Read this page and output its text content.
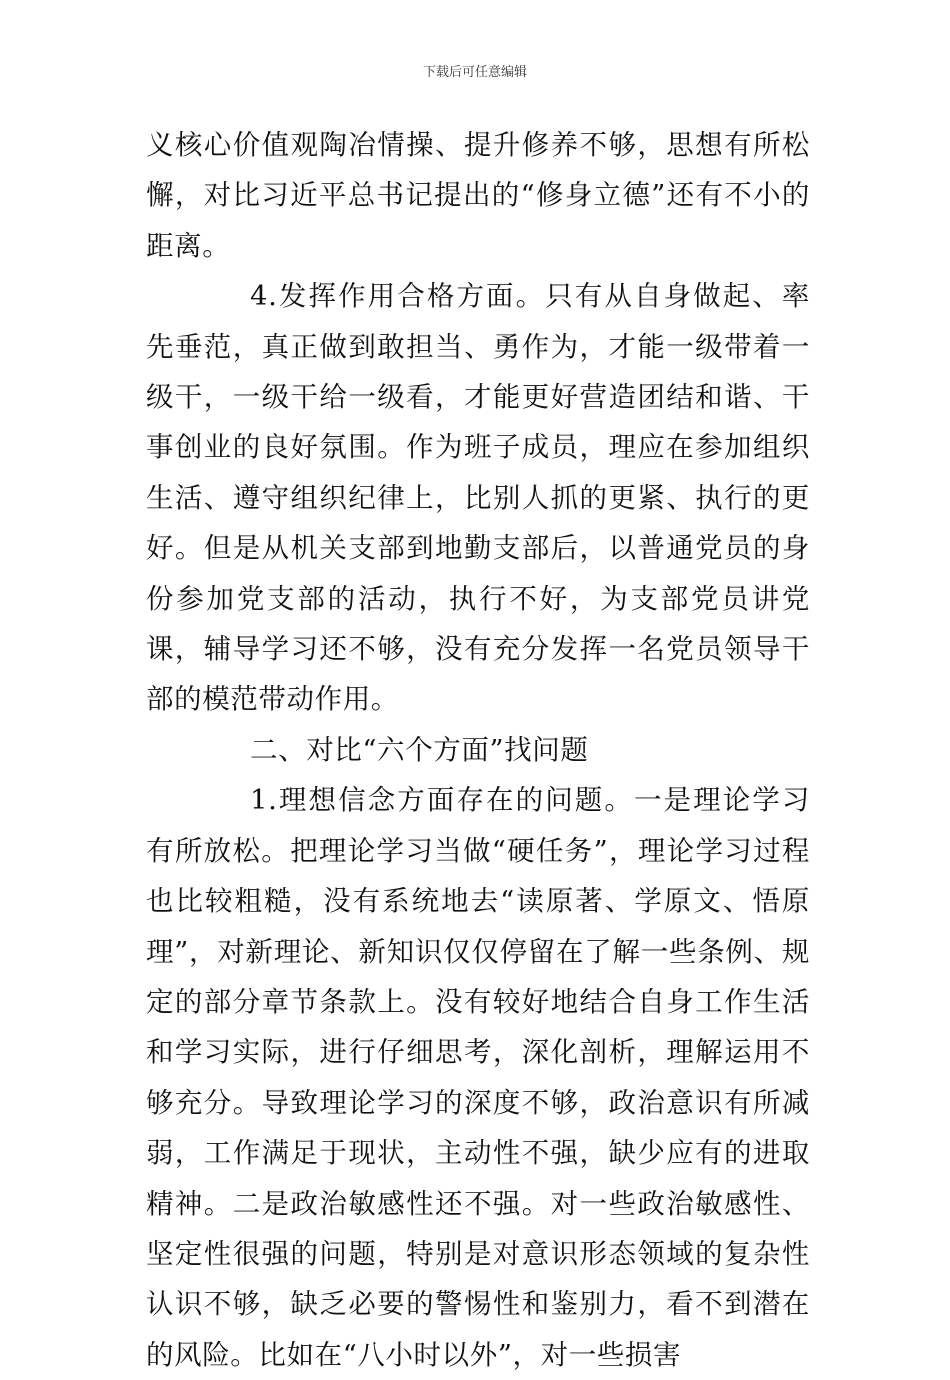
下载后可任意编辑

义核心价值观陶冶情操、提升修养不够，思想有所松懈，对比习近平总书记提出的“修身立德”还有不小的距离。

4.发挥作用合格方面。只有从自身做起、率先垂范，真正做到敢担当、勇作为，才能一级带着一级干，一级干给一级看，才能更好营造团结和谐、干事创业的良好氛围。作为班子成员，理应在参加组织生活、遵守组织纪律上，比别人抓的更紧、执行的更好。但是从机关支部到地勤支部后，以普通党员的身份参加党支部的活动，执行不好，为支部党员讲党课，辅导学习还不够，没有充分发挥一名党员领导干部的模范带动作用。

二、对比“六个方面”找问题

1.理想信念方面存在的问题。一是理论学习有所放松。把理论学习当做“硬任务”，理论学习过程也比较粗糙，没有系统地去“读原著、学原文、悟原理”，对新理论、新知识仅仅停留在了解一些条例、规定的部分章节条款上。没有较好地结合自身工作生活和学习实际，进行仔细思考，深化剖析，理解运用不够充分。导致理论学习的深度不够，政治意识有所减弱，工作满足于现状，主动性不强，缺少应有的进取精神。二是政治敏感性还不强。对一些政治敏感性、坚定性很强的问题，特别是对意识形态领域的复杂性认识不够，缺乏必要的警惕性和鉴别力，看不到潜在的风险。比如在“八小时以外”，对一些损害
